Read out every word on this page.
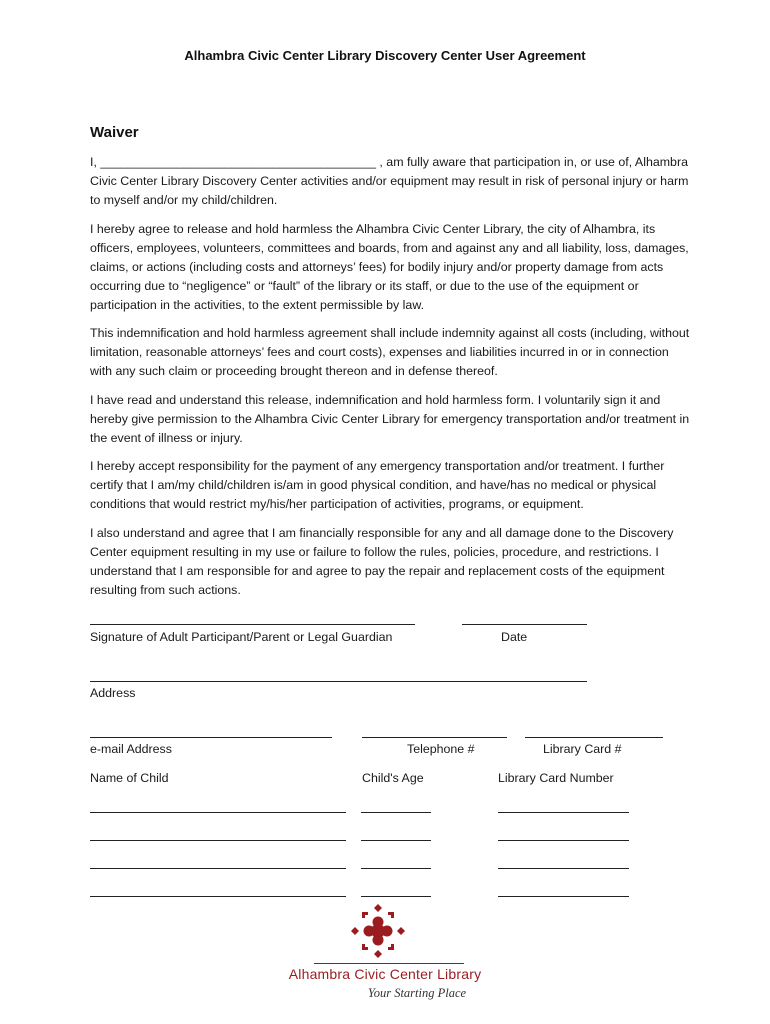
Alhambra Civic Center Library Discovery Center User Agreement
Waiver
I, ________________________________________ , am fully aware that participation in, or use of, Alhambra Civic Center Library Discovery Center activities and/or equipment may result in risk of personal injury or harm to myself and/or my child/children.
I hereby agree to release and hold harmless the Alhambra Civic Center Library, the city of Alhambra, its officers, employees, volunteers, committees and boards, from and against any and all liability, loss, damages, claims, or actions (including costs and attorneys’ fees) for bodily injury and/or property damage from acts occurring due to “negligence” or “fault” of the library or its staff, or due to the use of the equipment or participation in the activities, to the extent permissible by law.
This indemnification and hold harmless agreement shall include indemnity against all costs (including, without limitation, reasonable attorneys’ fees and court costs), expenses and liabilities incurred in or in connection with any such claim or proceeding brought thereon and in defense thereof.
I have read and understand this release, indemnification and hold harmless form. I voluntarily sign it and hereby give permission to the Alhambra Civic Center Library for emergency transportation and/or treatment in the event of illness or injury.
I hereby accept responsibility for the payment of any emergency transportation and/or treatment. I further certify that I am/my child/children is/am in good physical condition, and have/has no medical or physical conditions that would restrict my/his/her participation of activities, programs, or equipment.
I also understand and agree that I am financially responsible for any and all damage done to the Discovery Center equipment resulting in my use or failure to follow the rules, policies, procedure, and restrictions. I understand that I am responsible for and agree to pay the repair and replacement costs of the equipment resulting from such actions.
Signature of Adult Participant/Parent or Legal Guardian	Date
Address
e-mail Address	Telephone #	Library Card #
Name of Child	Child's Age	Library Card Number
Alhambra Civic Center Library
Your Starting Place
